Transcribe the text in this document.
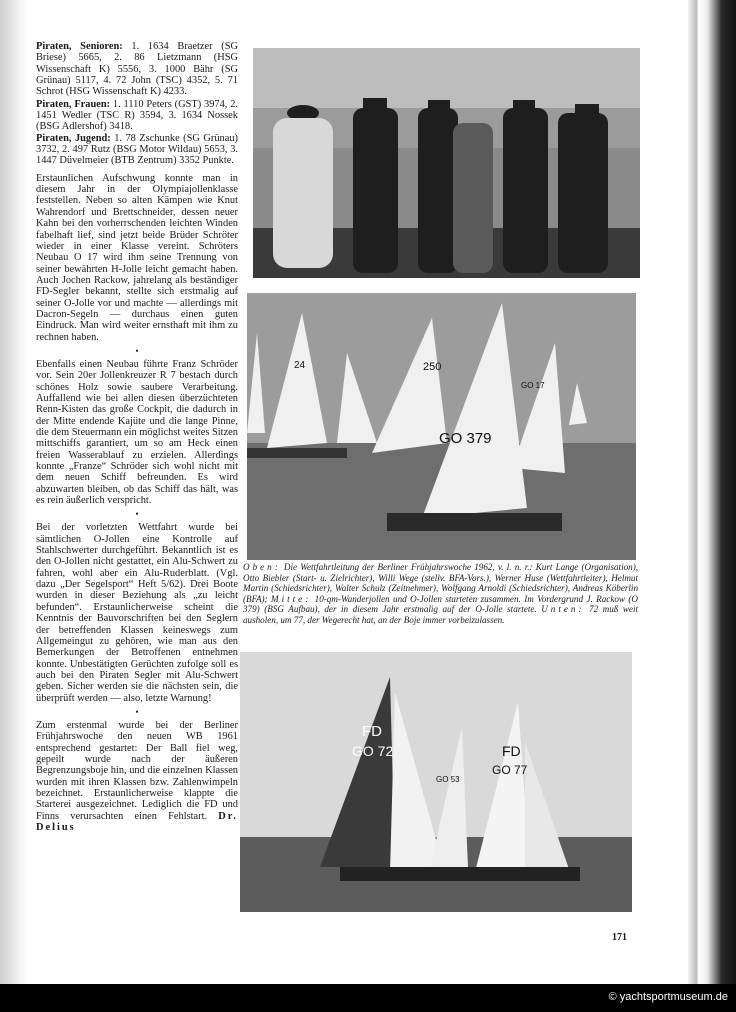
Piraten, Senioren: 1. 1634 Braetzer (SG Briese) 5665, 2. 86 Lietzmann (HSG Wissenschaft K) 5556, 3. 1000 Bähr (SG Grünau) 5117, 4. 72 John (TSC) 4352, 5. 71 Schrot (HSG Wissenschaft K) 4233.

Piraten, Frauen: 1. 1110 Peters (GST) 3974, 2. 1451 Wedler (TSC R) 3594, 3. 1634 Nossek (BSG Adlershof) 3418.

Piraten, Jugend: 1. 78 Zschunke (SG Grünau) 3732, 2. 497 Rutz (BSG Motor Wildau) 5653, 3. 1447 Düvelmeier (BTB Zentrum) 3352 Punkte.

Erstaunlichen Aufschwung konnte man in diesem Jahr in der Olympiajollenklasse feststellen. Neben so alten Kämpen wie Knut Wahrendorf und Brettschneider, dessen neuer Kahn bei den vorherrschenden leichten Winden fabelhaft lief, sind jetzt beide Brüder Schröter wieder in einer Klasse vereint. Schröters Neubau O 17 wird ihm seine Trennung von seiner bewährten H-Jolle leicht gemacht haben. Auch Jochen Rackow, jahrelang als beständiger FD-Segler bekannt, stellte sich erstmalig auf seiner O-Jolle vor und machte — allerdings mit Dacron-Segeln — durchaus einen guten Eindruck. Man wird weiter ernsthaft mit ihm zu rechnen haben.

•

Ebenfalls einen Neubau führte Franz Schröder vor. Sein 20er Jollenkreuzer R 7 bestach durch schönes Holz sowie saubere Verarbeitung. Auffallend wie bei allen diesen überzüchteten Renn-Kisten das große Cockpit, die dadurch in der Mitte endende Kajüte und die lange Pinne, die dem Steuermann ein möglichst weites Sitzen mittschiffs garantiert, um so am Heck einen freien Wasserablauf zu erzielen. Allerdings konnte „Franze“ Schröder sich wohl nicht mit dem neuen Schiff befreunden. Es wird abzuwarten bleiben, ob das Schiff das hält, was es rein äußerlich verspricht.

•

Bei der vorletzten Wettfahrt wurde bei sämtlichen O-Jollen eine Kontrolle auf Stahlschwerter durchgeführt. Bekanntlich ist es den O-Jollen nicht gestattet, ein Alu-Schwert zu fahren, wohl aber ein Alu-Ruderblatt. (Vgl. dazu „Der Segelsport“ Heft 5/62). Drei Boote wurden in dieser Beziehung als „zu leicht befunden“. Erstaunlicherweise scheint die Kenntnis der Bauvorschriften bei den Seglern der betreffenden Klassen keineswegs zum Allgemeingut zu gehören, wie man aus den Bemerkungen der Betroffenen entnehmen konnte. Unbestätigten Gerüchten zufolge soll es auch bei den Piraten Segler mit Alu-Schwert geben. Sicher werden sie die nächsten sein, die überprüft werden — also, letzte Warnung!

•

Zum erstenmal wurde bei der Berliner Frühjahrswoche den neuen WB 1961 entsprechend gestartet: Der Ball fiel weg, gepeilt wurde nach der äußeren Begrenzungsboje hin, und die einzelnen Klassen wurden mit ihren Klassen bzw. Zahlenwimpeln bezeichnet. Erstaunlicherweise klappte die Starterei ausgezeichnet. Lediglich die FD und Finns verursachten einen Fehlstart. Dr. Delius

GO 379
250
24
GO 17
Oben: Die Wettfahrtleitung der Berliner Frühjahrswoche 1962, v. l. n. r.: Kurt Lange (Organisation), Otto Biebler (Start- u. Zielrichter), Willi Wege (stellv. BFA-Vors.), Werner Huse (Wettfahrtleiter), Helmut Martin (Schiedsrichter), Walter Schulz (Zeitnehmer), Wolfgang Arnoldi (Schiedsrichter), Andreas Köberlin (BFA); Mitte: 10-qm-Wanderjollen und O-Jollen starteten zusammen. Im Vordergrund J. Rackow (O 379) (BSG Aufbau), der in diesem Jahr erstmalig auf der O-Jolle startete. Unten: 72 muß weit ausholen, um 77, der Wegerecht hat, an der Boje immer vorbeizulassen.
FD
GO 72	FD
GO 77
GO 53
171
© yachtsportmuseum.de
